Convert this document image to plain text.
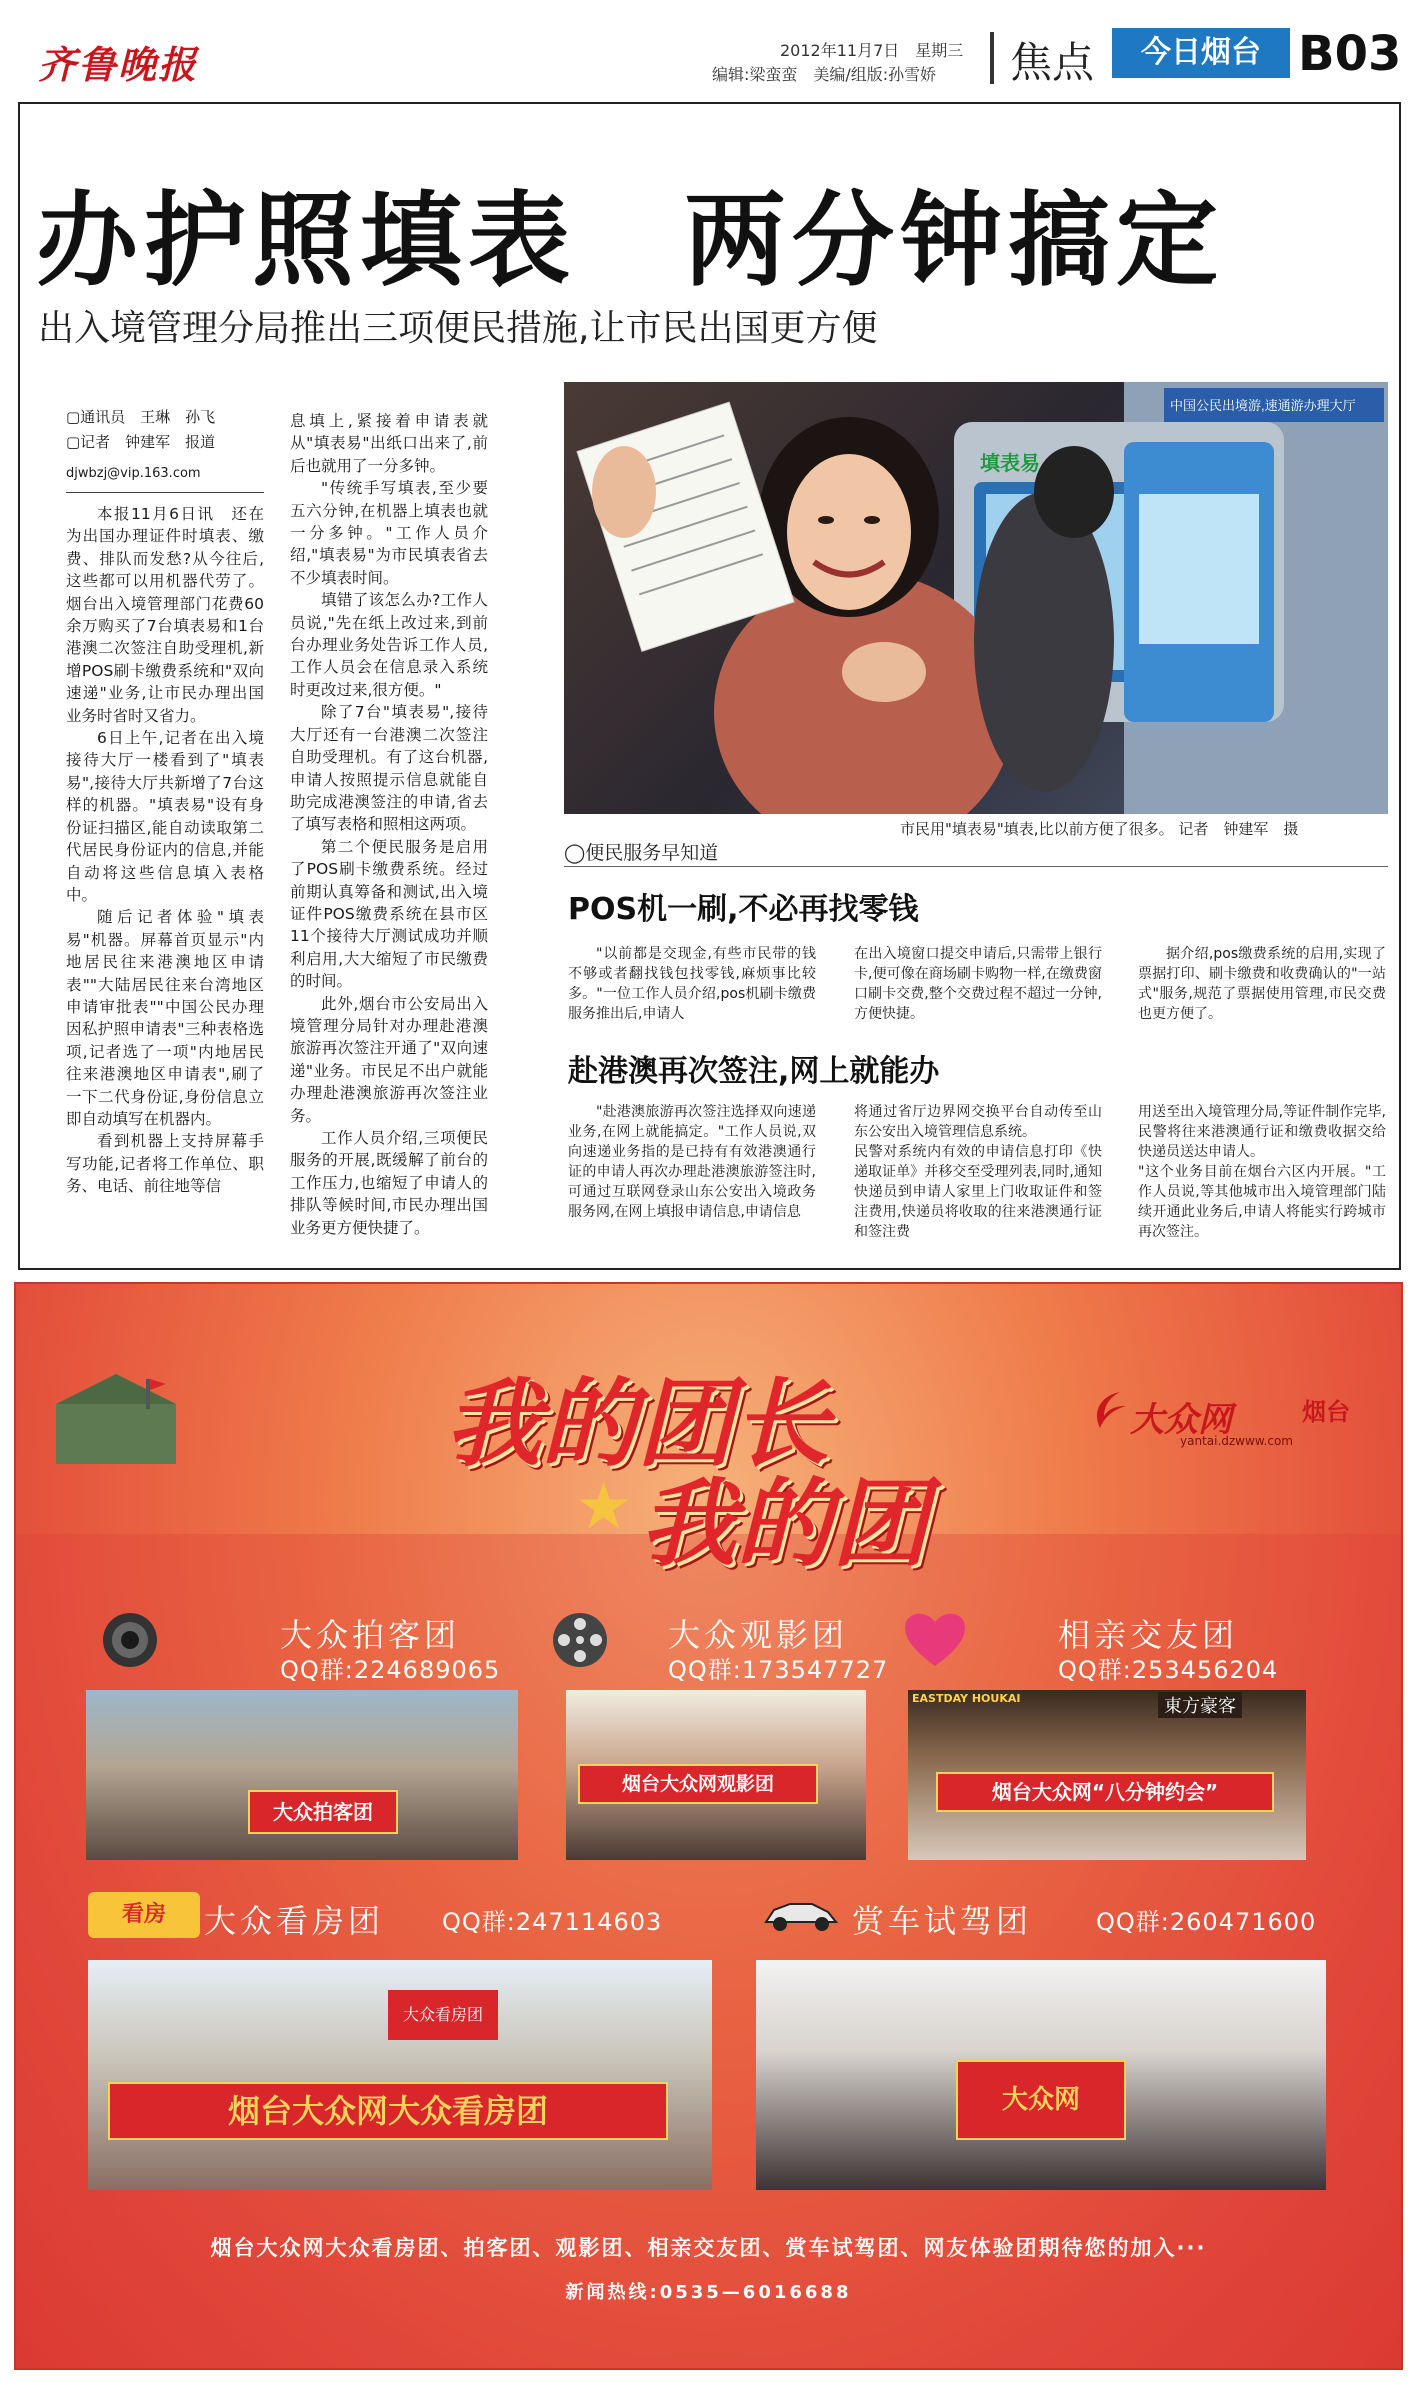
齐鲁晚报	2012年11月7日　星期三
编辑:梁蛮蛮　美编/组版:孙雪娇 焦点	今日烟台 B03
办护照填表　两分钟搞定
出入境管理分局推出三项便民措施,让市民出国更方便
▢通讯员　王琳　孙飞
▢记者　钟建军　报道
djwbzj@vip.163.com

本报11月6日讯　还在为出国办理证件时填表、缴费、排队而发愁?从今往后,这些都可以用机器代劳了。烟台出入境管理部门花费60余万购买了7台填表易和1台港澳二次签注自助受理机,新增POS刷卡缴费系统和"双向速递"业务,让市民办理出国业务时省时又省力。

6日上午,记者在出入境接待大厅一楼看到了"填表易",接待大厅共新增了7台这样的机器。"填表易"设有身份证扫描区,能自动读取第二代居民身份证内的信息,并能自动将这些信息填入表格中。

随后记者体验"填表易"机器。屏幕首页显示"内地居民往来港澳地区申请表""大陆居民往来台湾地区申请审批表""中国公民办理因私护照申请表"三种表格选项,记者选了一项"内地居民往来港澳地区申请表",刷了一下二代身份证,身份信息立即自动填写在机器内。

看到机器上支持屏幕手写功能,记者将工作单位、职务、电话、前往地等信

息填上,紧接着申请表就从"填表易"出纸口出来了,前后也就用了一分多钟。

"传统手写填表,至少要五六分钟,在机器上填表也就一分多钟。"工作人员介绍,"填表易"为市民填表省去不少填表时间。

填错了该怎么办?工作人员说,"先在纸上改过来,到前台办理业务处告诉工作人员,工作人员会在信息录入系统时更改过来,很方便。"

除了7台"填表易",接待大厅还有一台港澳二次签注自助受理机。有了这台机器,申请人按照提示信息就能自助完成港澳签注的申请,省去了填写表格和照相这两项。

第二个便民服务是启用了POS刷卡缴费系统。经过前期认真筹备和测试,出入境证件POS缴费系统在县市区11个接待大厅测试成功并顺利启用,大大缩短了市民缴费的时间。

此外,烟台市公安局出入境管理分局针对办理赴港澳旅游再次签注开通了"双向速递"业务。市民足不出户就能办理赴港澳旅游再次签注业务。

工作人员介绍,三项便民服务的开展,既缓解了前台的工作压力,也缩短了申请人的排队等候时间,市民办理出国业务更方便快捷了。

中国公民出境游,速通游办理大厅
填表易
市民用"填表易"填表,比以前方便了很多。 记者　钟建军　摄
◯便民服务早知道
POS机一刷,不必再找零钱

"以前都是交现金,有些市民带的钱不够或者翻找钱包找零钱,麻烦事比较多。"一位工作人员介绍,pos机刷卡缴费服务推出后,申请人

在出入境窗口提交申请后,只需带上银行卡,便可像在商场刷卡购物一样,在缴费窗口刷卡交费,整个交费过程不超过一分钟,方便快捷。

据介绍,pos缴费系统的启用,实现了票据打印、刷卡缴费和收费确认的"一站式"服务,规范了票据使用管理,市民交费也更方便了。

赴港澳再次签注,网上就能办

"赴港澳旅游再次签注选择双向速递业务,在网上就能搞定。"工作人员说,双向速递业务指的是已持有有效港澳通行证的申请人再次办理赴港澳旅游签注时,可通过互联网登录山东公安出入境政务服务网,在网上填报申请信息,申请信息

将通过省厅边界网交换平台自动传至山东公安出入境管理信息系统。
民警对系统内有效的申请信息打印《快递取证单》并移交至受理列表,同时,通知快递员到申请人家里上门收取证件和签注费用,快递员将收取的往来港澳通行证和签注费

用送至出入境管理分局,等证件制作完毕,民警将往来港澳通行证和缴费收据交给快递员送达申请人。
"这个业务目前在烟台六区内开展。"工作人员说,等其他城市出入境管理部门陆续开通此业务后,申请人将能实行跨城市再次签注。

我的团长
★ 我的团
大众网	烟台
yantai.dzwww.com
大众拍客团
QQ群:224689065
大众拍客团
大众观影团
QQ群:173547727
烟台大众网观影团
相亲交友团
QQ群:253456204
EASTDAY HOUKAI	東方豪客
烟台大众网“八分钟约会”
看房	大众看房团 QQ群:247114603
大众看房团
烟台大众网大众看房团
赏车试驾团	QQ群:260471600
大众网
烟台大众网大众看房团、拍客团、观影团、相亲交友团、赏车试驾团、网友体验团期待您的加入···
新闻热线:0535—6016688
